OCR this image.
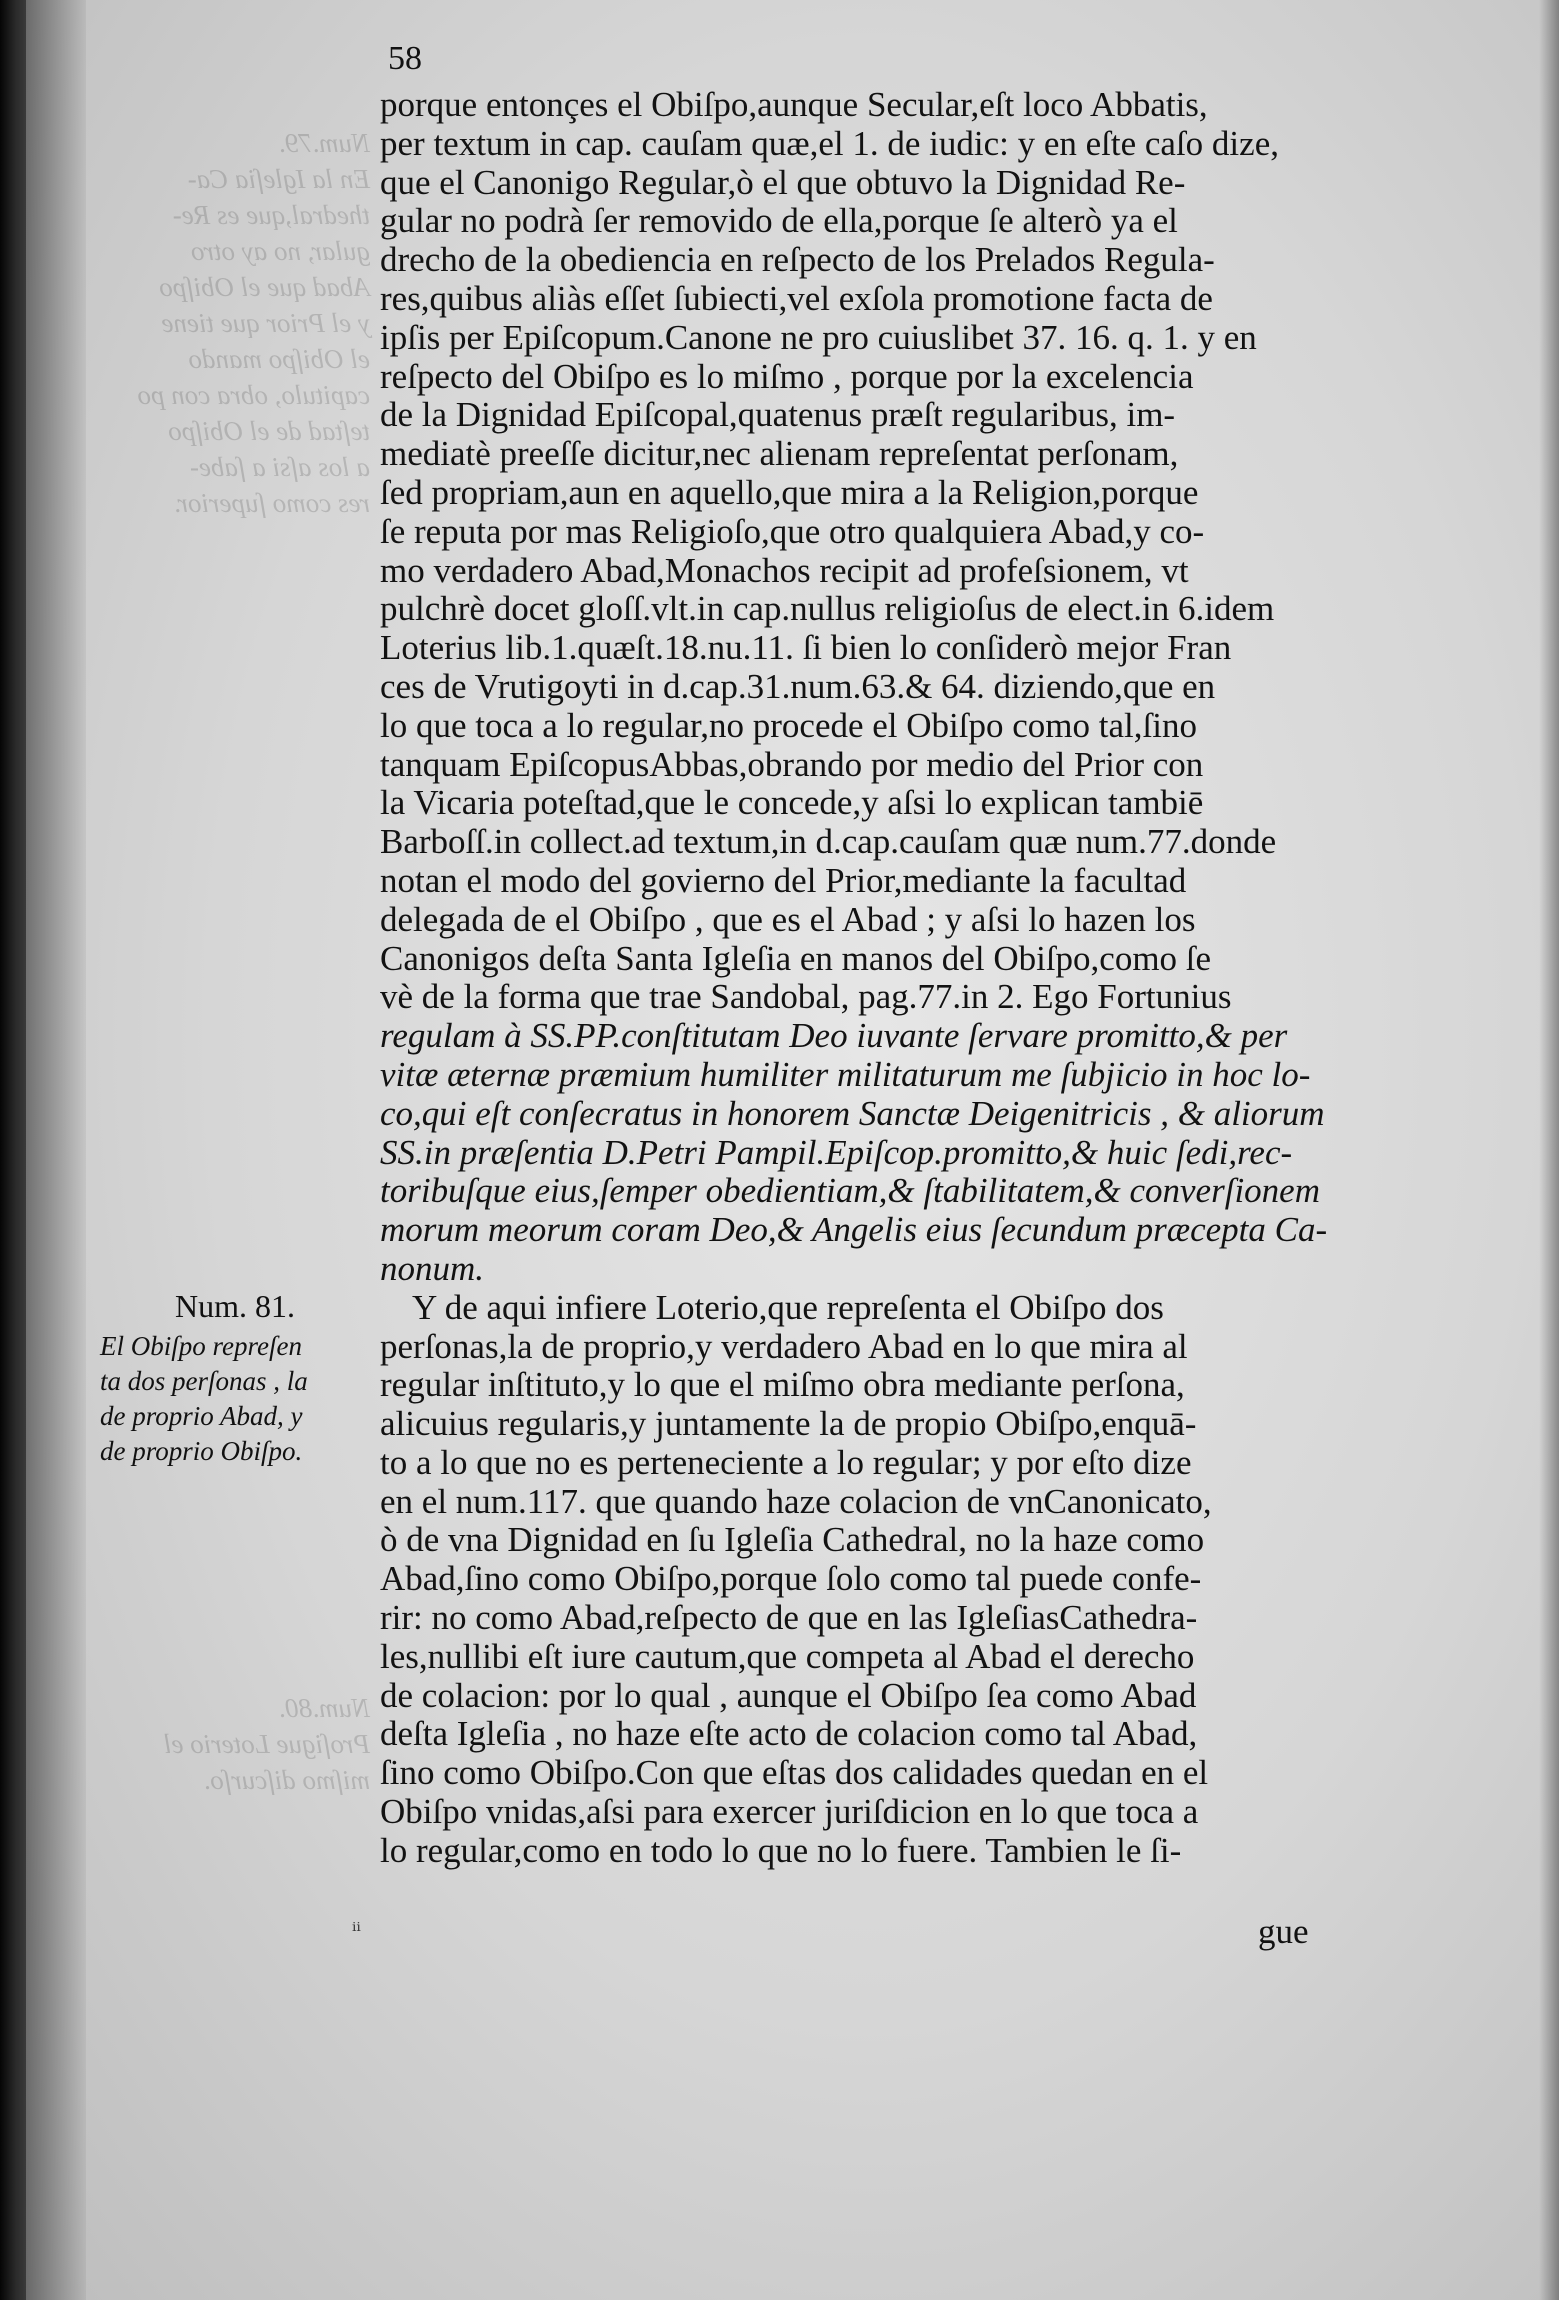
Num.79.
En la Igleſia Ca-
thedral,que es Re-
gular, no ay otro
Abad que el Obiſpo
y el Prior que tiene
el Obiſpo mando
capitulo, obra con po
teſtad de el Obiſpo
a los aſsi a ſabe-
res como ſuperior.
Num.80.
Proſigue Loterio el
miſmo diſcurſo.
58
porque entonçes el Obiſpo,aunque Secular,eſt loco Abbatis,
per textum in cap. cauſam quæ,el 1. de iudic: y en eſte caſo dize,
que el Canonigo Regular,ò el que obtuvo la Dignidad Re-
gular no podrà ſer removido de ella,porque ſe alterò ya el
drecho de la obediencia en reſpecto de los Prelados Regula-
res,quibus aliàs eſſet ſubiecti,vel exſola promotione facta de
ipſis per Epiſcopum.Canone ne pro cuiuslibet 37. 16. q. 1. y en
reſpecto del Obiſpo es lo miſmo , porque por la excelencia
de la Dignidad Epiſcopal,quatenus præſt regularibus, im-
mediatè preeſſe dicitur,nec alienam repreſentat perſonam,
ſed propriam,aun en aquello,que mira a la Religion,porque
ſe reputa por mas Religioſo,que otro qualquiera Abad,y co-
mo verdadero Abad,Monachos recipit ad profeſsionem, vt
pulchrè docet gloſſ.vlt.in cap.nullus religioſus de elect.in 6.idem
Loterius lib.1.quæſt.18.nu.11. ſi bien lo conſiderò mejor Fran
ces de Vrutigoyti in d.cap.31.num.63.& 64. diziendo,que en
lo que toca a lo regular,no procede el Obiſpo como tal,ſino
tanquam EpiſcopusAbbas,obrando por medio del Prior con
la Vicaria poteſtad,que le concede,y aſsi lo explican tambiē
Barboſſ.in collect.ad textum,in d.cap.cauſam quæ num.77.donde
notan el modo del govierno del Prior,mediante la facultad
delegada de el Obiſpo , que es el Abad ; y aſsi lo hazen los
Canonigos deſta Santa Igleſia en manos del Obiſpo,como ſe
vè de la forma que trae Sandobal, pag.77.in 2. Ego Fortunius
regulam à SS.PP.conſtitutam Deo iuvante ſervare promitto,& per
vitæ æternæ præmium humiliter militaturum me ſubjicio in hoc lo-
co,qui eſt conſecratus in honorem Sanctæ Deigenitricis , & aliorum
SS.in præſentia D.Petri Pampil.Epiſcop.promitto,& huic ſedi,rec-
toribuſque eius,ſemper obedientiam,& ſtabilitatem,& converſionem
morum meorum coram Deo,& Angelis eius ſecundum præcepta Ca-
nonum.
Y de aqui infiere Loterio,que repreſenta el Obiſpo dos
perſonas,la de proprio,y verdadero Abad en lo que mira al
regular inſtituto,y lo que el miſmo obra mediante perſona,
alicuius regularis,y juntamente la de propio Obiſpo,enquā-
to a lo que no es perteneciente a lo regular; y por eſto dize
en el num.117. que quando haze colacion de vnCanonicato,
ò de vna Dignidad en ſu Igleſia Cathedral, no la haze como
Abad,ſino como Obiſpo,porque ſolo como tal puede confe-
rir: no como Abad,reſpecto de que en las IgleſiasCathedra-
les,nullibi eſt iure cautum,que competa al Abad el derecho
de colacion: por lo qual , aunque el Obiſpo ſea como Abad
deſta Igleſia , no haze eſte acto de colacion como tal Abad,
ſino como Obiſpo.Con que eſtas dos calidades quedan en el
Obiſpo vnidas,aſsi para exercer juriſdicion en lo que toca a
lo regular,como en todo lo que no lo fuere. Tambien le ſi-
Num. 81.
El Obiſpo repreſen
ta dos perſonas , la
de proprio Abad, y
de proprio Obiſpo.
ᵢᵢ	gue
